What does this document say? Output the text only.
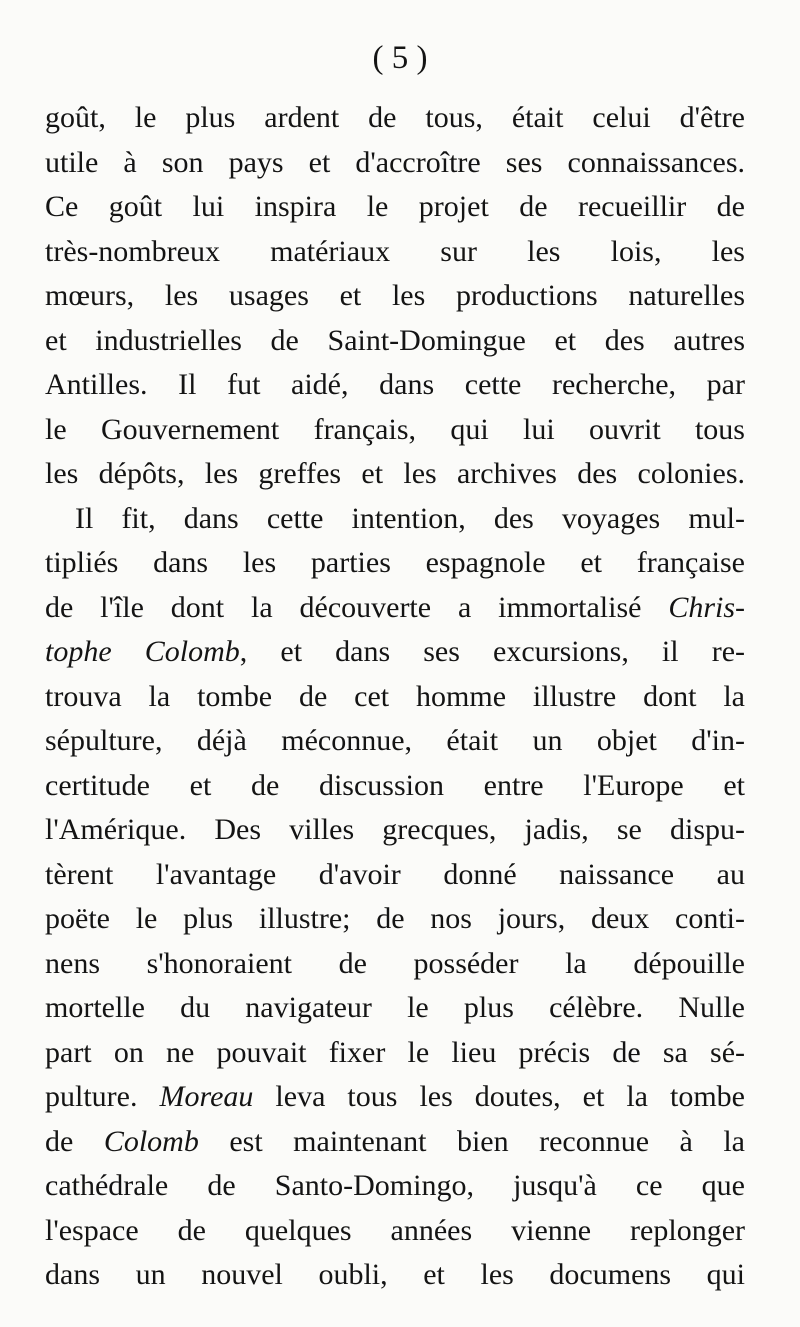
( 5 )
goût, le plus ardent de tous, était celui d'être
utile à son pays et d'accroître ses connaissances.
Ce goût lui inspira le projet de recueillir de
très-nombreux matériaux sur les lois, les
mœurs, les usages et les productions naturelles
et industrielles de Saint-Domingue et des autres
Antilles. Il fut aidé, dans cette recherche, par
le Gouvernement français, qui lui ouvrit tous
les dépôts, les greffes et les archives des colonies.
Il fit, dans cette intention, des voyages mul-
tipliés dans les parties espagnole et française
de l'île dont la découverte a immortalisé Chris-
tophe Colomb, et dans ses excursions, il re-
trouva la tombe de cet homme illustre dont la
sépulture, déjà méconnue, était un objet d'in-
certitude et de discussion entre l'Europe et
l'Amérique. Des villes grecques, jadis, se dispu-
tèrent l'avantage d'avoir donné naissance au
poëte le plus illustre; de nos jours, deux conti-
nens s'honoraient de posséder la dépouille
mortelle du navigateur le plus célèbre. Nulle
part on ne pouvait fixer le lieu précis de sa sé-
pulture. Moreau leva tous les doutes, et la tombe
de Colomb est maintenant bien reconnue à la
cathédrale de Santo-Domingo, jusqu'à ce que
l'espace de quelques années vienne replonger
dans un nouvel oubli, et les documens qui
